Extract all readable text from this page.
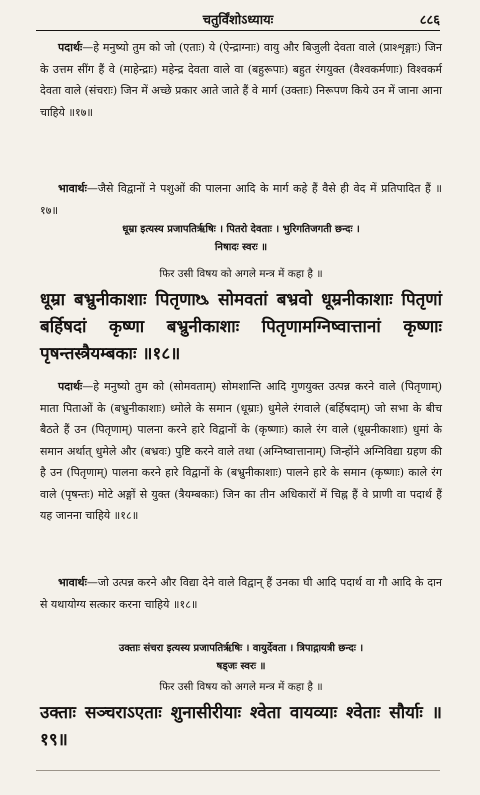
चतुर्विंशोऽध्यायः	८८६
पदार्थः—हे मनुष्यो तुम को जो (एताः) ये (ऐन्द्राग्नाः) वायु और बिजुली देवता वाले (प्राश्शृङ्गाः) जिन के उत्तम सींग हैं वे (माहेन्द्राः) महेन्द्र देवता वाले वा (बहुरूपाः) बहुत रंगयुक्त (वैश्वकर्मणाः) विश्वकर्म देवता वाले (संचराः) जिन में अच्छे प्रकार आते जाते हैं वे मार्ग (उक्ताः) निरूपण किये उन में जाना आना चाहिये ॥१७॥
भावार्थः—जैसे विद्वानों ने पशुओं की पालना आदि के मार्ग कहे हैं वैसे ही वेद में प्रतिपादित हैं ॥१७॥
धूम्रा इत्यस्य प्रजापतिर्ऋषिः । पितरो देवताः । भुरिगतिजगती छन्दः ।
निषादः स्वरः ॥
फिर उसी विषय को अगले मन्त्र में कहा है ॥
धूम्रा बभ्रुनीकाशाः पितृणाᳬ सोमवतां बभ्रवो धूम्रनीकाशाः पितृणां बर्हिषदां कृष्णा बभ्रुनीकाशाः पितृणामग्निष्वात्तानां कृष्णाः पृषन्तस्त्रैयम्बकाः ॥१८॥
पदार्थः—हे मनुष्यो तुम को (सोमवताम्) सोमशान्ति आदि गुणयुक्त उत्पन्न करने वाले (पितृणाम्) माता पिताओं के (बभ्रुनीकाशाः) ध्मोले के समान (धूम्राः) धुमेले रंगवाले (बर्हिषदाम्) जो सभा के बीच बैठते हैं उन (पितृणाम्) पालना करने हारे विद्वानों के (कृष्णाः) काले रंग वाले (धूम्रनीकाशाः) धुमां के समान अर्थात् धुमेले और (बभ्रवः) पुष्टि करने वाले तथा (अग्निष्वात्तानाम्) जिन्होंने अग्निविद्या ग्रहण की है उन (पितृणाम्) पालना करने हारे विद्वानों के (बभ्रुनीकाशाः) पालने हारे के समान (कृष्णाः) काले रंग वाले (पृषन्तः) मोटे अङ्गों से युक्त (त्रैयम्बकाः) जिन का तीन अधिकारों में चिह्न हैं वे प्राणी वा पदार्थ हैं यह जानना चाहिये ॥१८॥
भावार्थः—जो उत्पन्न करने और विद्या देने वाले विद्वान् हैं उनका घी आदि पदार्थ वा गौ आदि के दान से यथायोग्य सत्कार करना चाहिये ॥१८॥
उक्ताः संचरा इत्यस्य प्रजापतिर्ऋषिः । वायुर्देवता । त्रिपाद्गायत्री छन्दः ।
षड्जः स्वरः ॥
फिर उसी विषय को अगले मन्त्र में कहा है ॥
उक्ताः सञ्चराऽएताः शुनासीरीयाः श्वेता वायव्याः श्वेताः सौर्याः ॥१९॥
